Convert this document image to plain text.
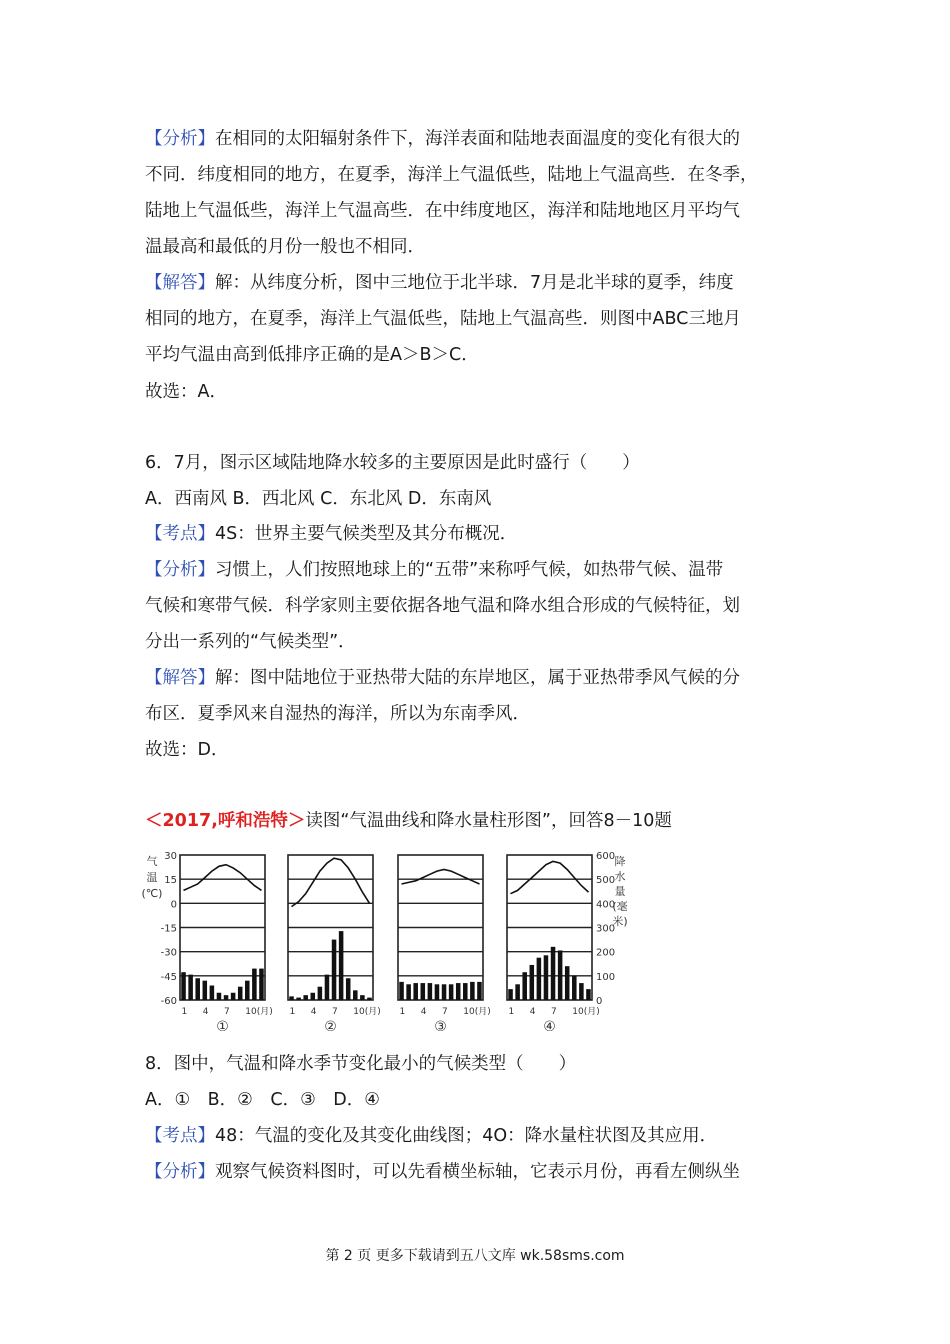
【分析】在相同的太阳辐射条件下，海洋表面和陆地表面温度的变化有很大的
不同．纬度相同的地方，在夏季，海洋上气温低些，陆地上气温高些．在冬季，
陆地上气温低些，海洋上气温高些．在中纬度地区，海洋和陆地地区月平均气
温最高和最低的月份一般也不相同．
【解答】解：从纬度分析，图中三地位于北半球．7月是北半球的夏季，纬度
相同的地方，在夏季，海洋上气温低些，陆地上气温高些．则图中ABC三地月
平均气温由高到低排序正确的是A＞B＞C．
故选：A．
6．7月，图示区域陆地降水较多的主要原因是此时盛行（　　）
A．西南风 B．西北风 C．东北风 D．东南风
【考点】4S：世界主要气候类型及其分布概况．
【分析】习惯上，人们按照地球上的“五带”来称呼气候，如热带气候、温带
气候和寒带气候．科学家则主要依据各地气温和降水组合形成的气候特征，划
分出一系列的“气候类型”．
【解答】解：图中陆地位于亚热带大陆的东岸地区，属于亚热带季风气候的分
布区．夏季风来自湿热的海洋，所以为东南季风．
故选：D．
＜2017,呼和浩特＞读图“气温曲线和降水量柱形图”，回答8－10题
气
温
(℃)
30
15
0
-15
-30
-45
-60
600
500
400
300
200
100
0
降
水
量
(毫
米)
1 4 7 10(月)
①
1 4 7 10(月)
②
1 4 7 10(月)
③
1 4 7 10(月)
④
8．图中，气温和降水季节变化最小的气候类型（　　）
A．①　B．②　C．③　D．④
【考点】48：气温的变化及其变化曲线图；4O：降水量柱状图及其应用．
【分析】观察气候资料图时，可以先看横坐标轴，它表示月份，再看左侧纵坐
第 2 页 更多下载请到五八文库 wk.58sms.com
